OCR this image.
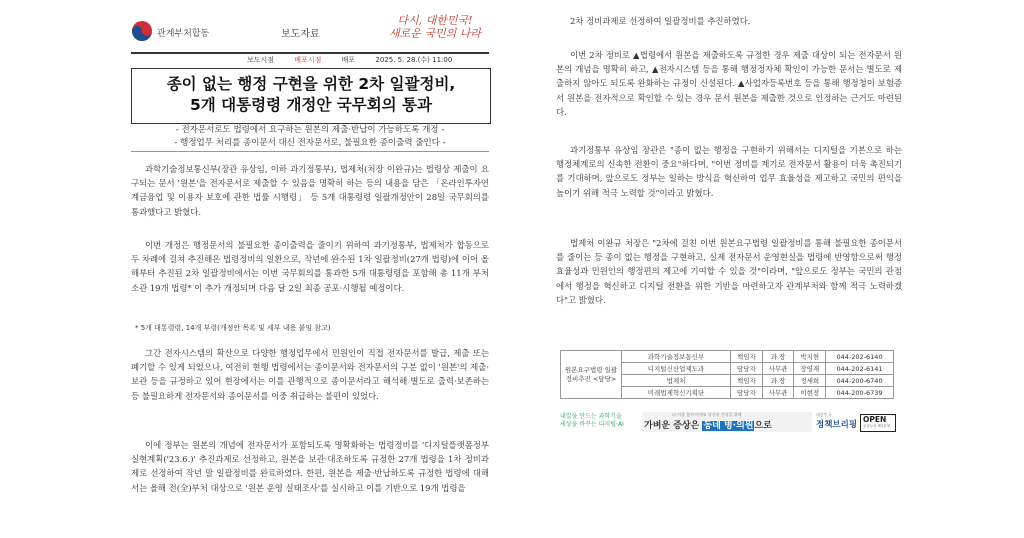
관계부처합동	보도자료
다시, 대한민국!
새로운 국민의 나라
보도시점	배포시점	배포	2025. 5. 28.(수) 11:00
종이 없는 행정 구현을 위한 2차 일괄정비,
5개 대통령령 개정안 국무회의 통과
- 전자문서로도 법령에서 요구하는 원본의 제출·반납이 가능하도록 개정 -
- 행정업무 처리를 종이문서 대신 전자문서로, 불필요한 종이출력 줄인다 -

과학기술정보통신부(장관 유상임, 이하 과기정통부), 법제처(처장 이완규)는 법령상 제출이 요구되는 문서 '원본'을 전자문서로 제출할 수 있음을 명확히 하는 등의 내용을 담은 「온라인투자연계금융업 및 이용자 보호에 관한 법률 시행령」 등 5개 대통령령 일괄개정안이 28일 국무회의를 통과했다고 밝혔다.

이번 개정은 행정문서의 불필요한 종이출력을 줄이기 위하여 과기정통부, 법제처가 합동으로 두 차례에 걸쳐 추진해온 법령정비의 일환으로, 작년에 완수된 1차 일괄정비(27개 법령)에 이어 올해부터 추진된 2차 일괄정비에서는 이번 국무회의를 통과한 5개 대통령령을 포함해 총 11개 부처 소관 19개 법령* 이 추가 개정되며 다음 달 2일 최종 공포·시행될 예정이다.

* 5개 대통령령, 14개 부령(개정안 목록 및 세부 내용 붙임 참고)

그간 전자시스템의 확산으로 다양한 행정업무에서 민원인이 직접 전자문서를 발급, 제출 또는 폐기할 수 있게 되었으나, 여전히 현행 법령에서는 종이문서와 전자문서의 구분 없이 '원본'의 제출·보관 등을 규정하고 있어 현장에서는 이를 관행적으로 종이문서라고 해석해 별도로 출력·보존하는 등 불필요하게 전자문서와 종이문서를 이중 취급하는 불편이 있었다.

이에 정부는 원본의 개념에 전자문서가 포함되도록 명확화하는 법령정비를 '디지털플랫폼정부 실현계획('23.6.)' 추진과제로 선정하고, 원본을 보관·대조하도록 규정한 27개 법령을 1차 정비과제로 선정하여 작년 말 일괄정비를 완료하였다. 한편, 원본을 제출·반납하도록 규정한 법령에 대해서는 올해 전(全)부처 대상으로 '원본 운영 실태조사'를 실시하고 이를 기반으로 19개 법령을

2차 정비과제로 선정하여 일괄정비를 추진하였다.

이번 2차 정비로 ▲법령에서 원본을 제출하도록 규정한 경우 제출 대상이 되는 전자문서 원본의 개념을 명확히 하고, ▲전자시스템 등을 통해 행정정자체 확인이 가능한 문서는 별도로 제출하지 않아도 되도록 완화하는 규정이 신설된다. ▲사업자등록번호 등을 통해 행정청이 보험증서 원본을 전자적으로 확인할 수 있는 경우 문서 원본을 제출한 것으로 인정하는 근거도 마련된다.

과기정통부 유상임 장관은 "종이 없는 행정을 구현하기 위해서는 디지털을 기본으로 하는 행정체계로의 신속한 전환이 중요"하다며, "이번 정비를 계기로 전자문서 활용이 더욱 촉진되기를 기대하며, 앞으로도 정부는 일하는 방식을 혁신하여 업무 효율성을 제고하고 국민의 편익을 높이기 위해 적극 노력할 것"이라고 밝혔다.

법제처 이완규 처장은 "2차에 걸친 이번 원본요구법령 일괄정비를 통해 불필요한 종이문서를 줄이는 등 종이 없는 행정을 구현하고, 실제 전자문서 운영현실을 법령에 반영함으로써 행정 효율성과 민원인의 행정편의 제고에 기여할 수 있을 것"이라며, "앞으로도 정부는 국민의 관점에서 행정을 혁신하고 디지털 전환을 위한 기반을 마련하고자 관계부처와 함께 적극 노력하겠다"고 밝혔다.

원본요구법령 일괄정비추진 <담당>	과학기술정보통신부	책임자	과 장	박지현	044-202-6140
	디지털신산업제도과	담당자	사무관	장영재	044-202-6141
	법제처	책임자	과 장	정세희	044-200-6740
	미래법제혁신기획단	담당자	사무관	이현정	044-200-6739
내일을 만드는 과학기술
세상을 바꾸는 디지털·AI
더 이상 참지 마세요 당신의 건강을 위해
가벼운 증상은 동네 병·의원으로
대한민국
정책브리핑
OPEN
공공누리 제1유형
